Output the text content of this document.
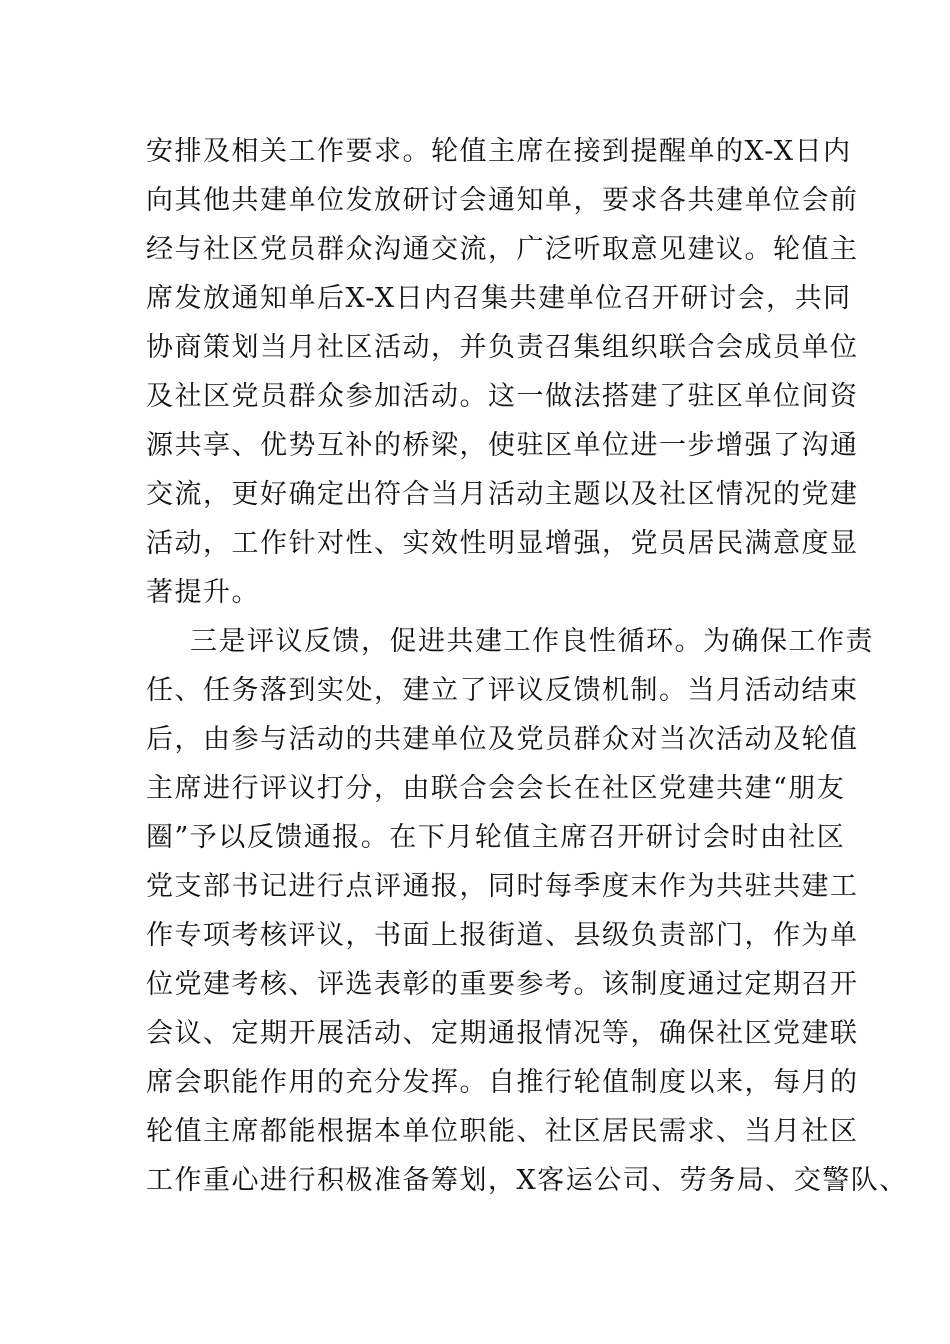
安排及相关工作要求。轮值主席在接到提醒单的X-X日内
向其他共建单位发放研讨会通知单，要求各共建单位会前
经与社区党员群众沟通交流，广泛听取意见建议。轮值主
席发放通知单后X-X日内召集共建单位召开研讨会，共同
协商策划当月社区活动，并负责召集组织联合会成员单位
及社区党员群众参加活动。这一做法搭建了驻区单位间资
源共享、优势互补的桥梁，使驻区单位进一步增强了沟通
交流，更好确定出符合当月活动主题以及社区情况的党建
活动，工作针对性、实效性明显增强，党员居民满意度显
著提升。
三是评议反馈，促进共建工作良性循环。为确保工作责
任、任务落到实处，建立了评议反馈机制。当月活动结束
后，由参与活动的共建单位及党员群众对当次活动及轮值
主席进行评议打分，由联合会会长在社区党建共建“朋友
圈”予以反馈通报。在下月轮值主席召开研讨会时由社区
党支部书记进行点评通报，同时每季度末作为共驻共建工
作专项考核评议，书面上报街道、县级负责部门，作为单
位党建考核、评选表彰的重要参考。该制度通过定期召开
会议、定期开展活动、定期通报情况等，确保社区党建联
席会职能作用的充分发挥。自推行轮值制度以来，每月的
轮值主席都能根据本单位职能、社区居民需求、当月社区
工作重心进行积极准备筹划，X客运公司、劳务局、交警队、
